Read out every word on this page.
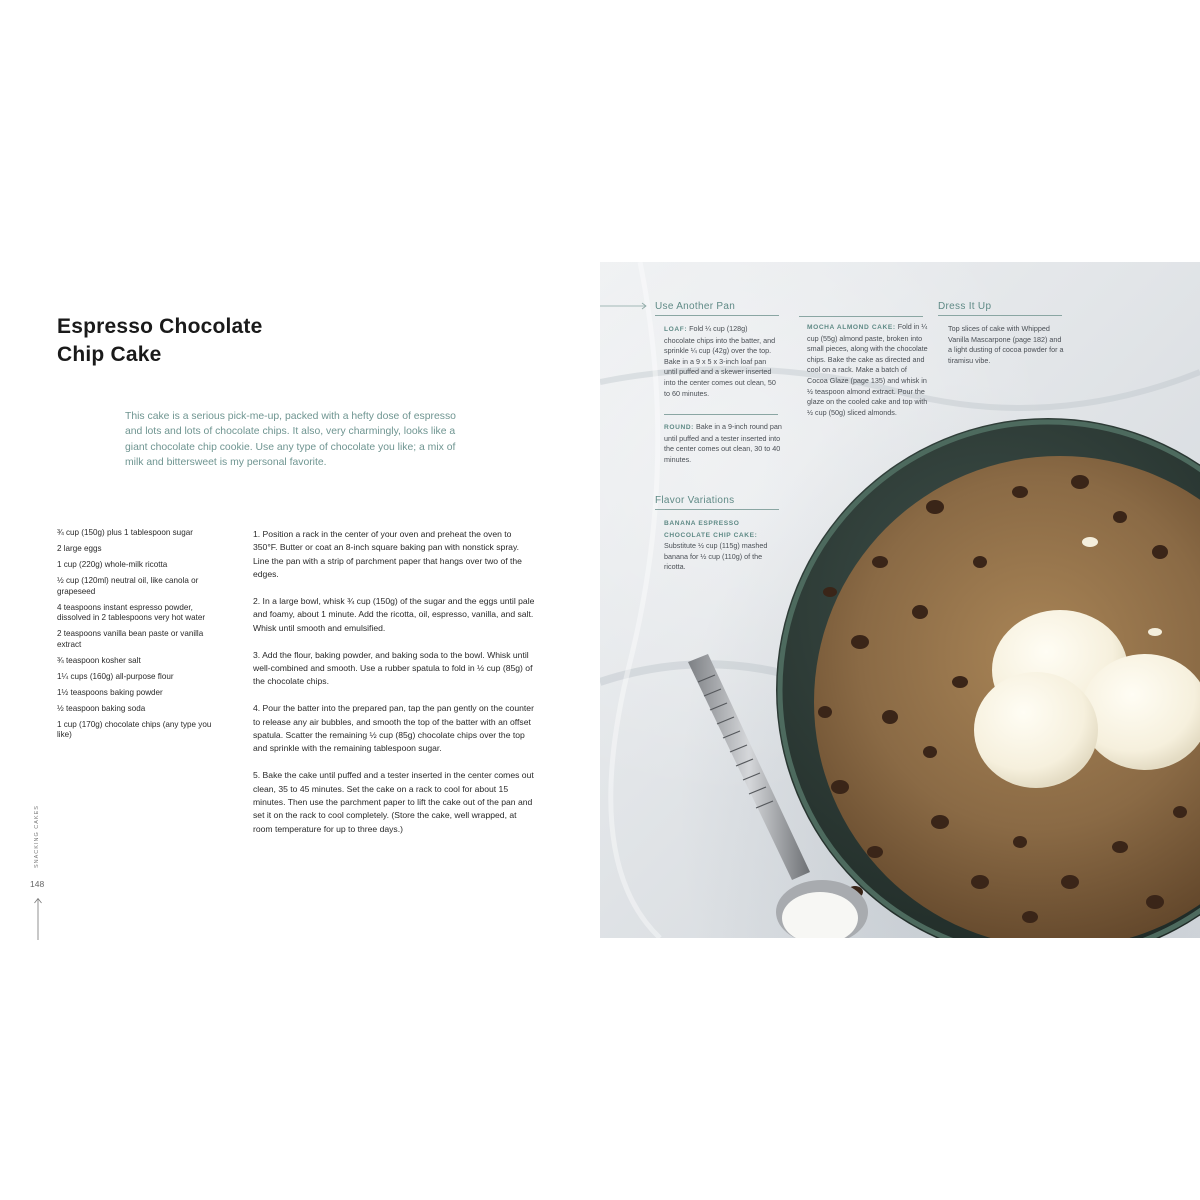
Espresso Chocolate
Chip Cake

This cake is a serious pick-me-up, packed with a hefty dose of espresso and lots and lots of chocolate chips. It also, very charmingly, looks like a giant chocolate chip cookie. Use any type of chocolate you like; a mix of milk and bittersweet is my personal favorite.

¾ cup (150g) plus 1 tablespoon sugar
2 large eggs
1 cup (220g) whole-milk ricotta
½ cup (120ml) neutral oil, like canola or grapeseed
4 teaspoons instant espresso powder, dissolved in 2 tablespoons very hot water
2 teaspoons vanilla bean paste or vanilla extract
¾ teaspoon kosher salt
1¼ cups (160g) all-purpose flour
1½ teaspoons baking powder
½ teaspoon baking soda
1 cup (170g) chocolate chips (any type you like)

1. Position a rack in the center of your oven and preheat the oven to 350°F. Butter or coat an 8-inch square baking pan with nonstick spray. Line the pan with a strip of parchment paper that hangs over two of the edges.

2. In a large bowl, whisk ¾ cup (150g) of the sugar and the eggs until pale and foamy, about 1 minute. Add the ricotta, oil, espresso, vanilla, and salt. Whisk until smooth and emulsified.

3. Add the flour, baking powder, and baking soda to the bowl. Whisk until well-combined and smooth. Use a rubber spatula to fold in ½ cup (85g) of the chocolate chips.

4. Pour the batter into the prepared pan, tap the pan gently on the counter to release any air bubbles, and smooth the top of the batter with an offset spatula. Scatter the remaining ½ cup (85g) chocolate chips over the top and sprinkle with the remaining tablespoon sugar.

5. Bake the cake until puffed and a tester inserted in the center comes out clean, 35 to 45 minutes. Set the cake on a rack to cool for about 15 minutes. Then use the parchment paper to lift the cake out of the pan and set it on the rack to cool completely. (Store the cake, well wrapped, at room temperature for up to three days.)

SNACKING CAKES
148
Use Another Pan
LOAF: Fold ¼ cup (128g) chocolate chips into the batter, and sprinkle ¼ cup (42g) over the top. Bake in a 9 x 5 x 3-inch loaf pan until puffed and a skewer inserted into the center comes out clean, 50 to 60 minutes.
ROUND: Bake in a 9-inch round pan until puffed and a tester inserted into the center comes out clean, 30 to 40 minutes.
MOCHA ALMOND CAKE: Fold in ¼ cup (55g) almond paste, broken into small pieces, along with the chocolate chips. Bake the cake as directed and cool on a rack. Make a batch of Cocoa Glaze (page 135) and whisk in ½ teaspoon almond extract. Pour the glaze on the cooled cake and top with ½ cup (50g) sliced almonds.
Dress It Up
Top slices of cake with Whipped Vanilla Mascarpone (page 182) and a light dusting of cocoa powder for a tiramisu vibe.
Flavor Variations
BANANA ESPRESSO CHOCOLATE CHIP CAKE: Substitute ½ cup (115g) mashed banana for ½ cup (110g) of the ricotta.
